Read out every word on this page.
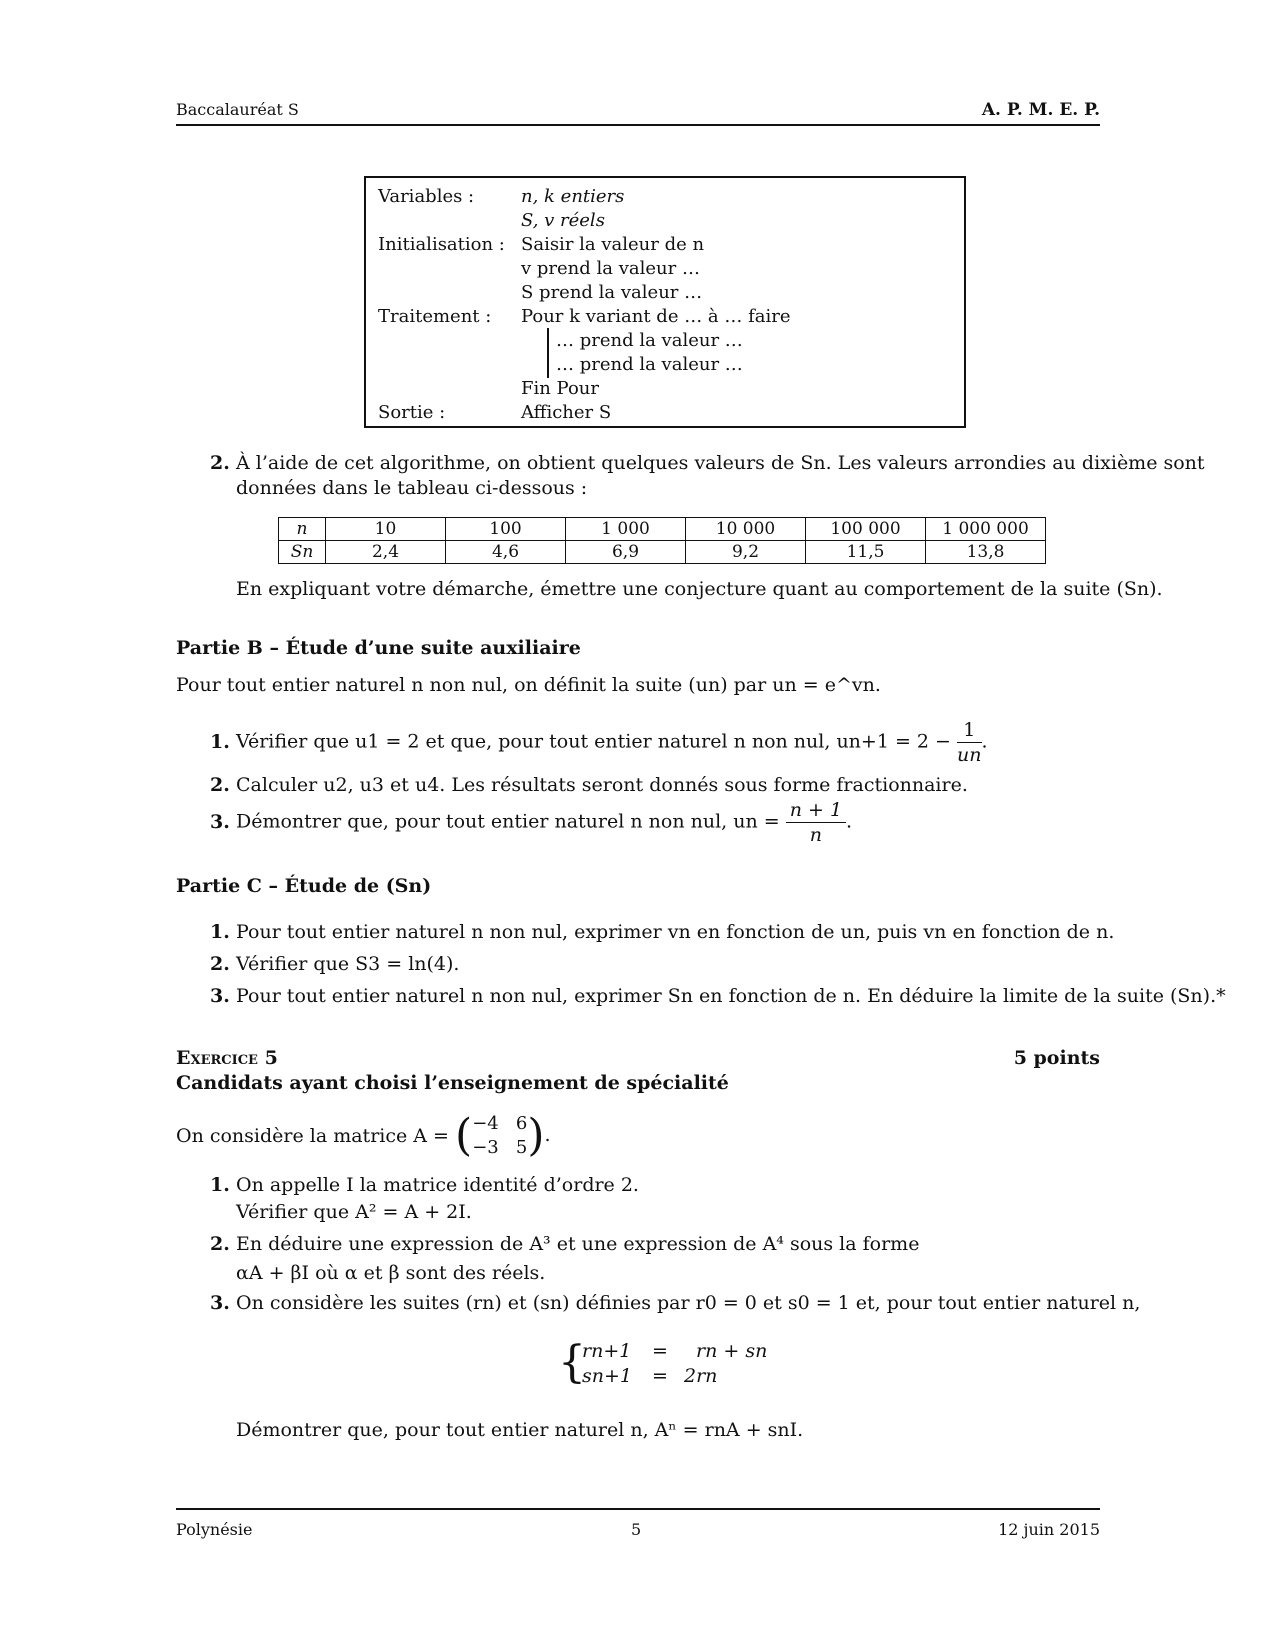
Baccalauréat S	A. P. M. E. P.
Variables :	n, k entiers
S, v réels
Initialisation : Saisir la valeur de n
v prend la valeur …
S prend la valeur …
Traitement : Pour k variant de … à … faire
… prend la valeur …
… prend la valeur …
Fin Pour
Sortie :	Afficher S
2. À l’aide de cet algorithme, on obtient quelques valeurs de Sn. Les valeurs arrondies au dixième sont
données dans le tableau ci-dessous :
n	10	100	1 000	10 000	100 000	1 000 000
Sn	2,4	4,6	6,9	9,2	11,5	13,8
En expliquant votre démarche, émettre une conjecture quant au comportement de la suite (Sn).
Partie B – Étude d’une suite auxiliaire
Pour tout entier naturel n non nul, on définit la suite (un) par un = e^vn.
1. Vérifier que u1 = 2 et que, pour tout entier naturel n non nul, $un+1 = 2 - \frac{1}{un}$ .
2. Calculer u2, u3 et u4. Les résultats seront donnés sous forme fractionnaire.
3. Démontrer que, pour tout entier naturel n non nul, un = $\frac{n + 1}{n}$ .
Partie C – Étude de (Sn)
1. Pour tout entier naturel n non nul, exprimer vn en fonction de un, puis vn en fonction de n.
2. Vérifier que S3 = ln(4).
3. Pour tout entier naturel n non nul, exprimer Sn en fonction de n. En déduire la limite de la suite (Sn).*
Exercice 5	5 points
Candidats ayant choisi l’enseignement de spécialité
On considère la matrice A = (−4 6
−3 5).
1. On appelle I la matrice identité d’ordre 2.
Vérifier que A² = A + 2I.
2. En déduire une expression de A³ et une expression de A⁴ sous la forme
αA + βI où α et β sont des réels.
3. On considère les suites (rn) et (sn) définies par r0 = 0 et s0 = 1 et, pour tout entier naturel n,
{
rn+1 = rn + sn
sn+1 = 2rn
Démontrer que, pour tout entier naturel n, Aⁿ = rnA + snI.
Polynésie	5	12 juin 2015
